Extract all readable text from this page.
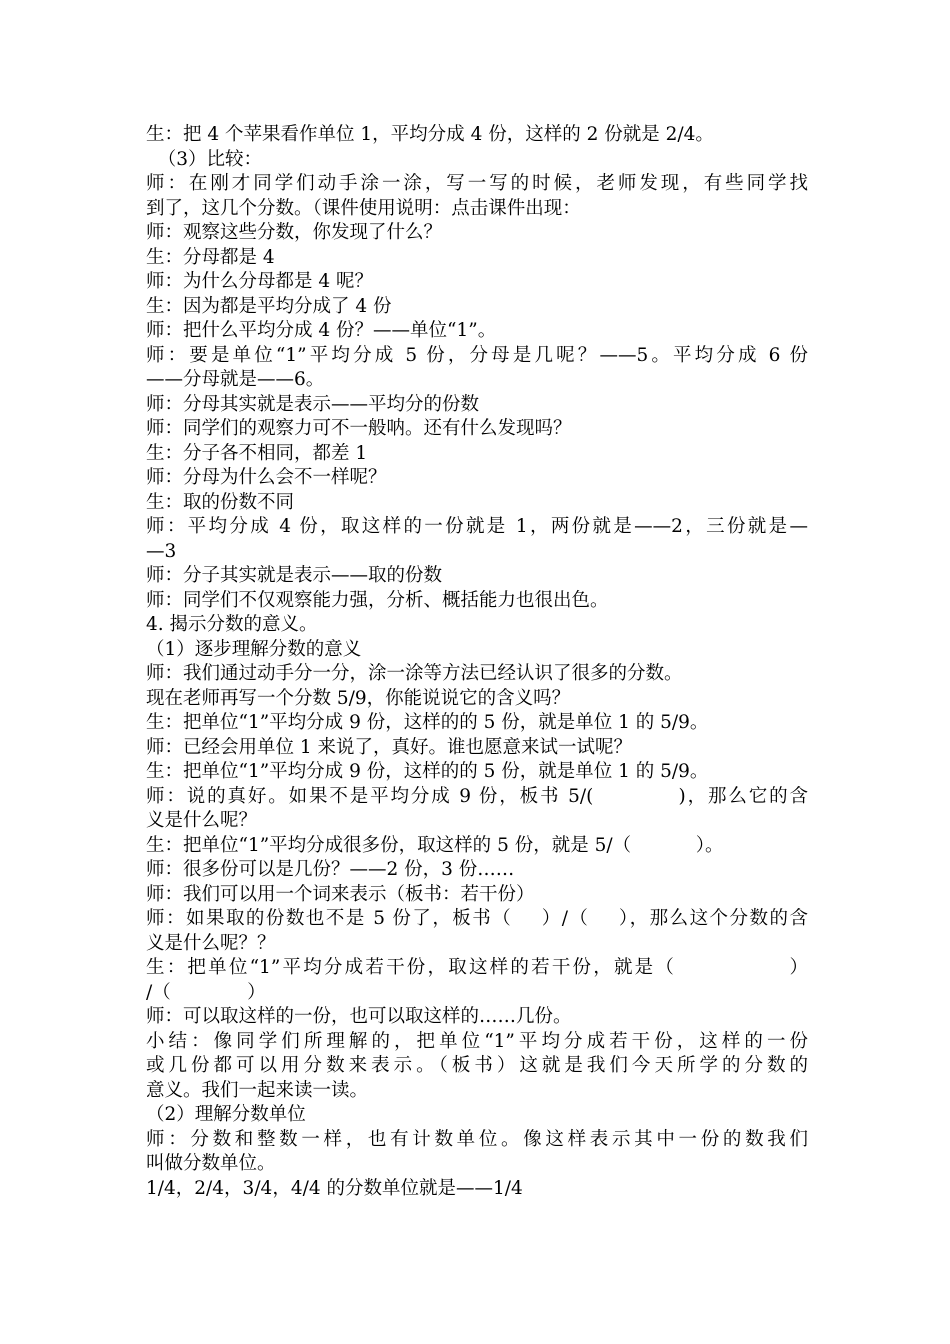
生：把 4 个苹果看作单位 1，平均分成 4 份，这样的 2 份就是 2/4。

（3）比较：

师：在刚才同学们动手涂一涂，写一写的时候，老师发现，有些同学找

到了，这几个分数。（课件使用说明：点击课件出现：

师：观察这些分数，你发现了什么？

生：分母都是 4

师：为什么分母都是 4 呢？

生：因为都是平均分成了 4 份

师：把什么平均分成 4 份？——单位“1”。

师：要是单位“1”平均分成 5 份，分母是几呢？——5。平均分成 6 份

——分母就是——6。

师：分母其实就是表示——平均分的份数

师：同学们的观察力可不一般呐。还有什么发现吗？

生：分子各不相同，都差 1

师：分母为什么会不一样呢？

生：取的份数不同

师：平均分成 4 份，取这样的一份就是 1，两份就是——2，三份就是—

—3

师：分子其实就是表示——取的份数

师：同学们不仅观察能力强，分析、概括能力也很出色。

4. 揭示分数的意义。

（1）逐步理解分数的意义

师：我们通过动手分一分，涂一涂等方法已经认识了很多的分数。

现在老师再写一个分数 5/9，你能说说它的含义吗？

生：把单位“1”平均分成 9 份，这样的的 5 份，就是单位 1 的 5/9。

师：已经会用单位 1 来说了，真好。谁也愿意来试一试呢？

生：把单位“1”平均分成 9 份，这样的的 5 份，就是单位 1 的 5/9。

师：说的真好。如果不是平均分成 9 份，板书 5/(           )，那么它的含

义是什么呢？

生：把单位“1”平均分成很多份，取这样的 5 份，就是 5/（           ）。

师：很多份可以是几份？——2 份，3 份……

师：我们可以用一个词来表示（板书：若干份）

师：如果取的份数也不是 5 份了，板书（    ）/（    ），那么这个分数的含

义是什么呢？？

生：把单位“1”平均分成若干份，取这样的若干份，就是（              ）

/（             ）

师：可以取这样的一份，也可以取这样的……几份。

小结：像同学们所理解的，把单位“1”平均分成若干份，这样的一份

或几份都可以用分数来表示。（板书）这就是我们今天所学的分数的

意义。我们一起来读一读。

（2）理解分数单位

师：分数和整数一样，也有计数单位。像这样表示其中一份的数我们

叫做分数单位。

1/4，2/4，3/4，4/4 的分数单位就是——1/4
